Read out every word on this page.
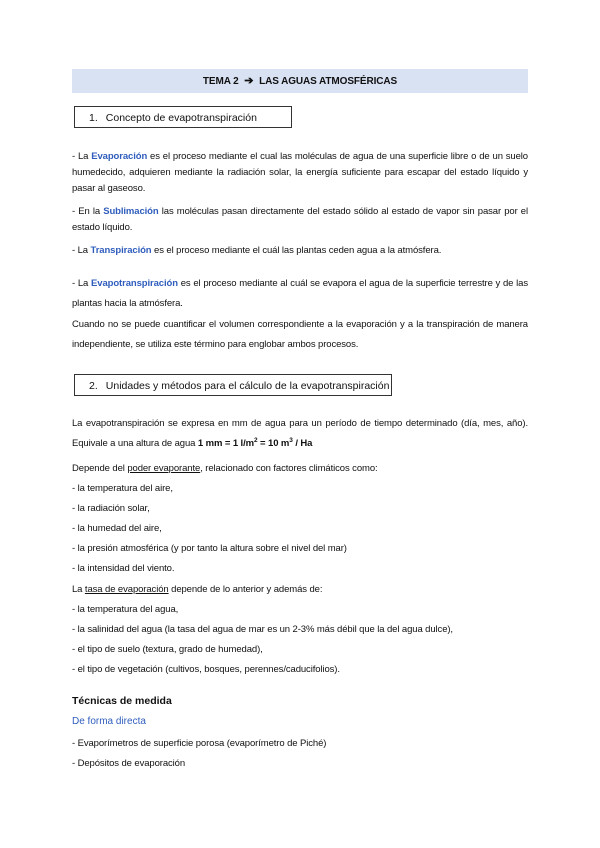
TEMA 2 ➔ LAS AGUAS ATMOSFÉRICAS
1. Concepto de evapotranspiración
- La Evaporación es el proceso mediante el cual las moléculas de agua de una superficie libre o de un suelo humedecido, adquieren mediante la radiación solar, la energía suficiente para escapar del estado líquido y pasar al gaseoso.
- En la Sublimación las moléculas pasan directamente del estado sólido al estado de vapor sin pasar por el estado líquido.
- La Transpiración es el proceso mediante el cuál las plantas ceden agua a la atmósfera.
- La Evapotranspiración es el proceso mediante al cuál se evapora el agua de la superficie terrestre y de las plantas hacia la atmósfera.
Cuando no se puede cuantificar el volumen correspondiente a la evaporación y a la transpiración de manera independiente, se utiliza este término para englobar ambos procesos.
2. Unidades y métodos para el cálculo de la evapotranspiración
La evapotranspiración se expresa en mm de agua para un período de tiempo determinado (día, mes, año). Equivale a una altura de agua 1 mm = 1 $l/m^2 = 10$ $m^3$ / Ha
Depende del poder evaporante, relacionado con factores climáticos como:
- la temperatura del aire,
- la radiación solar,
- la humedad del aire,
- la presión atmosférica (y por tanto la altura sobre el nivel del mar)
- la intensidad del viento.
La tasa de evaporación depende de lo anterior y además de:
- la temperatura del agua,
- la salinidad del agua (la tasa del agua de mar es un 2-3% más débil que la del agua dulce),
- el tipo de suelo (textura, grado de humedad),
- el tipo de vegetación (cultivos, bosques, perennes/caducifolios).
Técnicas de medida
De forma directa
- Evaporímetros de superficie porosa (evaporímetro de Piché)
- Depósitos de evaporación
